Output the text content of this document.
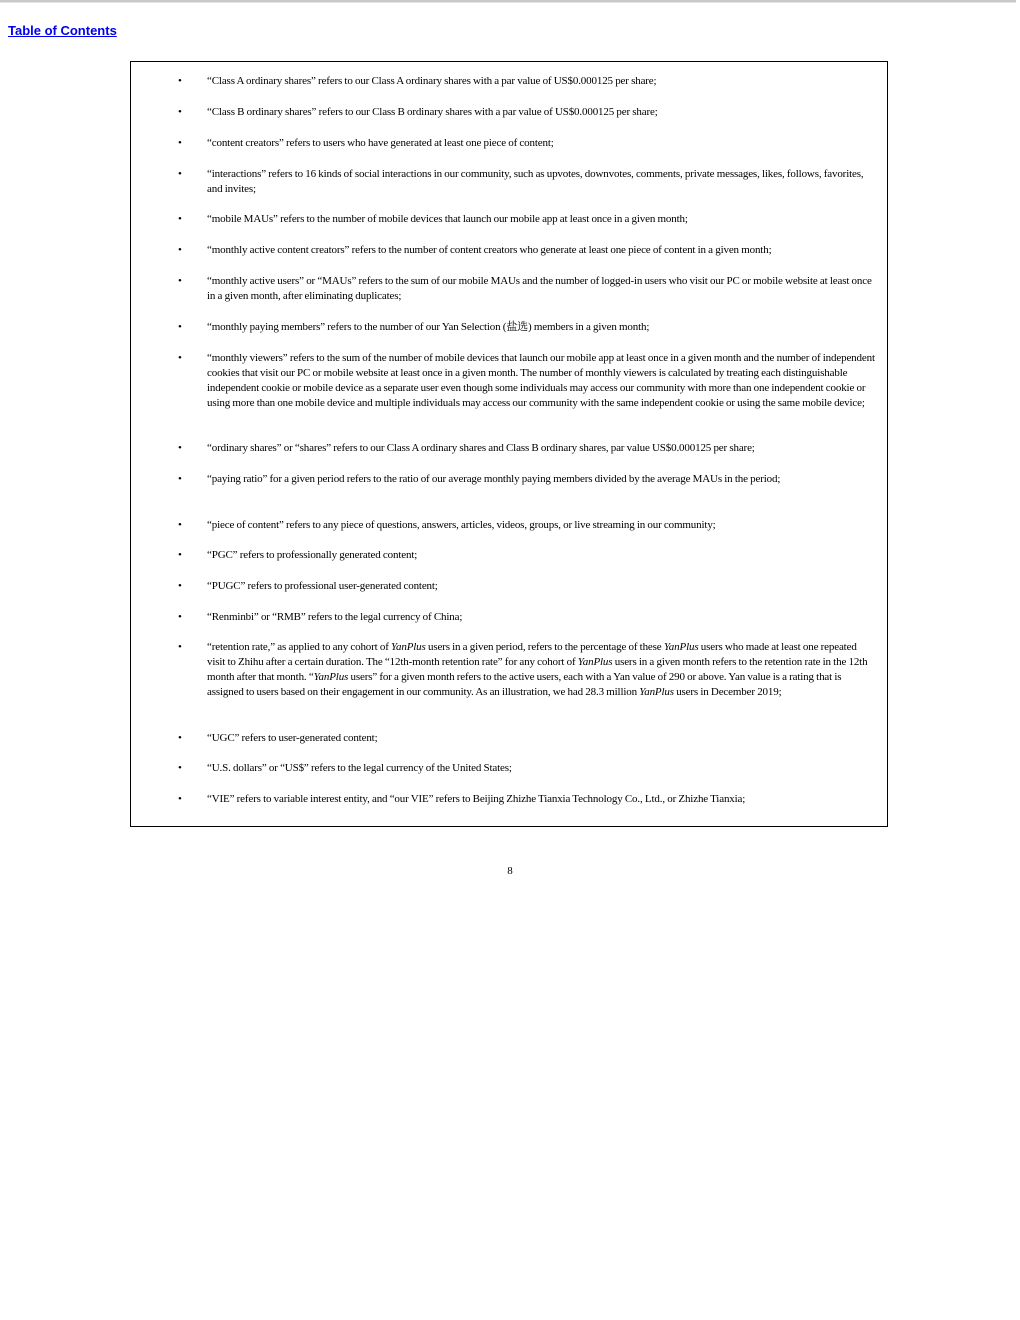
Table of Contents
• “Class A ordinary shares” refers to our Class A ordinary shares with a par value of US$0.000125 per share;
• “Class B ordinary shares” refers to our Class B ordinary shares with a par value of US$0.000125 per share;
• “content creators” refers to users who have generated at least one piece of content;
• “interactions” refers to 16 kinds of social interactions in our community, such as upvotes, downvotes, comments, private messages, likes, follows, favorites, and invites;
• “mobile MAUs” refers to the number of mobile devices that launch our mobile app at least once in a given month;
• “monthly active content creators” refers to the number of content creators who generate at least one piece of content in a given month;
• “monthly active users” or “MAUs” refers to the sum of our mobile MAUs and the number of logged-in users who visit our PC or mobile website at least once in a given month, after eliminating duplicates;
• “monthly paying members” refers to the number of our Yan Selection (盐选) members in a given month;
• “monthly viewers” refers to the sum of the number of mobile devices that launch our mobile app at least once in a given month and the number of independent cookies that visit our PC or mobile website at least once in a given month. The number of monthly viewers is calculated by treating each distinguishable independent cookie or mobile device as a separate user even though some individuals may access our community with more than one independent cookie or using more than one mobile device and multiple individuals may access our community with the same independent cookie or using the same mobile device;
• “ordinary shares” or “shares” refers to our Class A ordinary shares and Class B ordinary shares, par value US$0.000125 per share;
• “paying ratio” for a given period refers to the ratio of our average monthly paying members divided by the average MAUs in the period;
• “piece of content” refers to any piece of questions, answers, articles, videos, groups, or live streaming in our community;
• “PGC” refers to professionally generated content;
• “PUGC” refers to professional user-generated content;
• “Renminbi” or “RMB” refers to the legal currency of China;
• “retention rate,” as applied to any cohort of YanPlus users in a given period, refers to the percentage of these YanPlus users who made at least one repeated visit to Zhihu after a certain duration. The “12th-month retention rate” for any cohort of YanPlus users in a given month refers to the retention rate in the 12th month after that month. “YanPlus users” for a given month refers to the active users, each with a Yan value of 290 or above. Yan value is a rating that is assigned to users based on their engagement in our community. As an illustration, we had 28.3 million YanPlus users in December 2019;
• “UGC” refers to user-generated content;
• “U.S. dollars” or “US$” refers to the legal currency of the United States;
• “VIE” refers to variable interest entity, and “our VIE” refers to Beijing Zhizhe Tianxia Technology Co., Ltd., or Zhizhe Tianxia;
8
